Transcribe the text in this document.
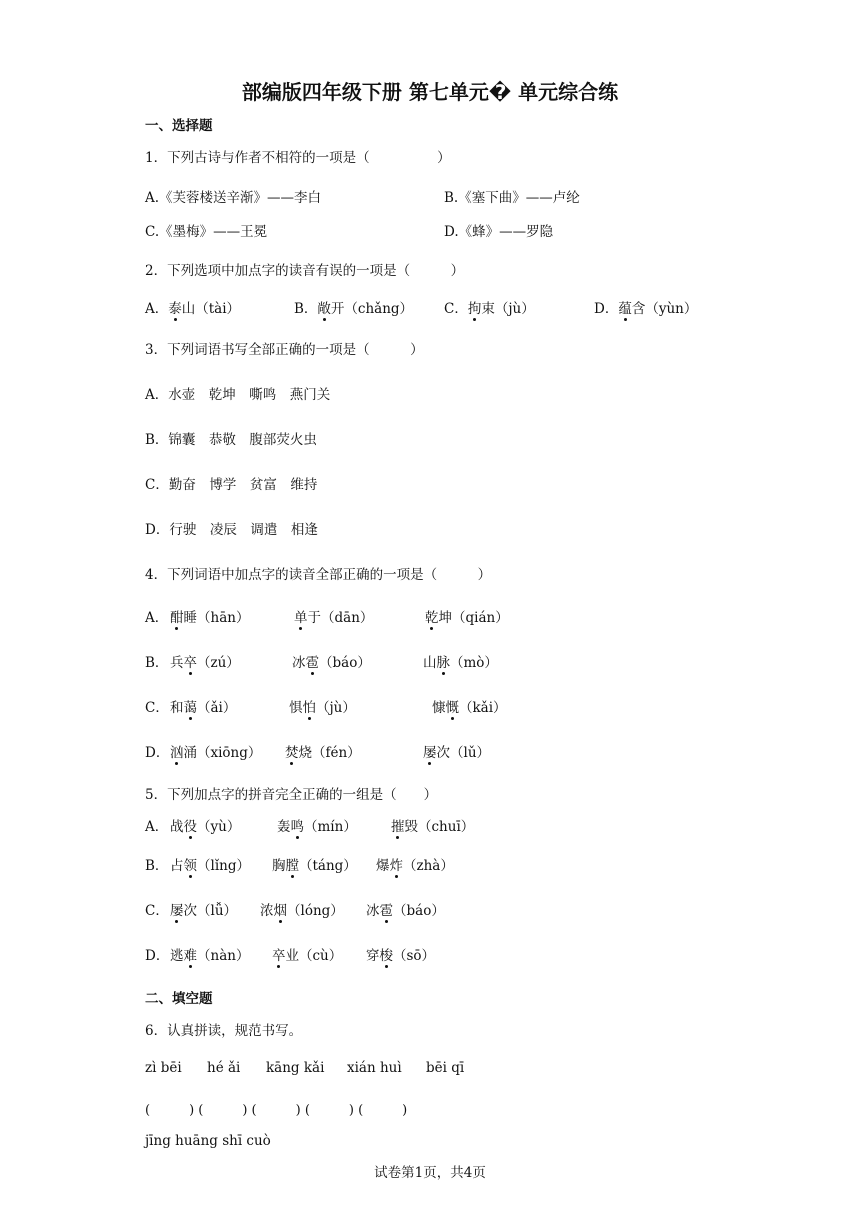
部编版四年级下册 第七单元� 单元综合练
一、选择题
1．下列古诗与作者不相符的一项是（　　　　　）
A.《芙蓉楼送辛渐》——李白	B.《塞下曲》——卢纶
C.《墨梅》——王冕	D.《蜂》——罗隐
2．下列选项中加点字的读音有误的一项是（　　　）
A．泰山（tài）	B．敞开（chǎng） C．拘束（jù）	D．蕴含（yùn）
3．下列词语书写全部正确的一项是（　　　）
A．水壶　乾坤　嘶鸣　燕门关
B．锦囊　恭敬　腹部荧火虫
C．勤奋　博学　贫富　维持
D．行驶　凌辰　调遣　相逢
4．下列词语中加点字的读音全部正确的一项是（　　　）
A． 酣睡（hān）	单于（dān）	乾坤（qián）
B． 兵卒（zú）	冰雹（báo）	山脉（mò）
C． 和蔼（ǎi）	惧怕（jù）	慷慨（kǎi）
D． 汹涌（xiōng） 焚烧（fén）	屡次（lǔ）
5．下列加点字的拼音完全正确的一组是（　　）
A． 战役（yù）	轰鸣（mín）	摧毁（chuī）
B． 占领（lǐng） 胸膛（táng） 爆炸（zhà）
C． 屡次（lǚ） 浓烟（lóng） 冰雹（báo）
D． 逃难（nàn） 卒业（cù） 穿梭（sō）
二、填空题
6．认真拼读，规范书写。
zì bēi hé ǎi kāng kǎi xián huì bēi qī
(　　　) (　　　) (　　　) (　　　) (　　　)
jīng huāng shī cuò
试卷第1页，共4页
